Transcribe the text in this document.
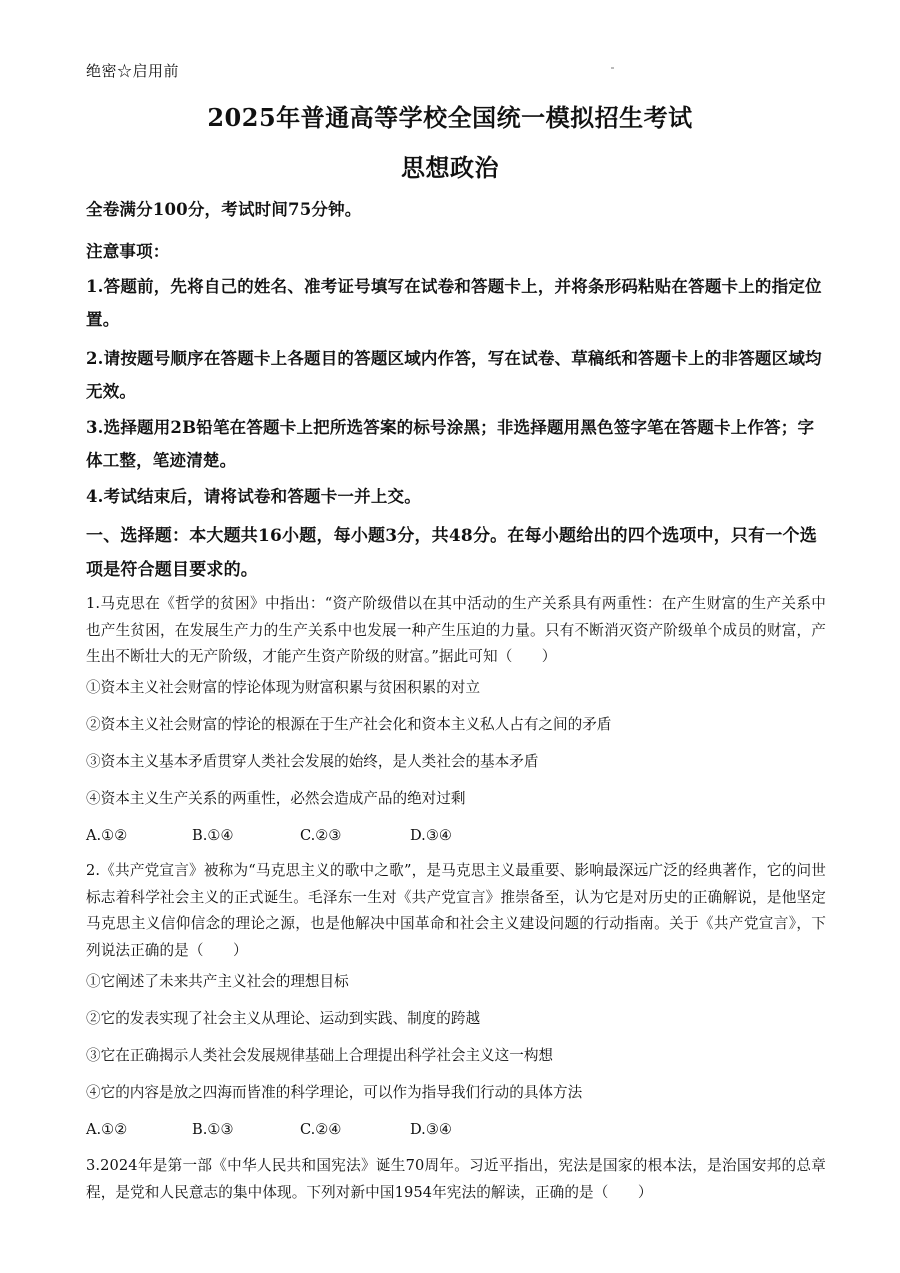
绝密☆启用前
2025年普通高等学校全国统一模拟招生考试
思想政治
全卷满分100分，考试时间75分钟。
注意事项：
1.答题前，先将自己的姓名、准考证号填写在试卷和答题卡上，并将条形码粘贴在答题卡上的指定位置。
2.请按题号顺序在答题卡上各题目的答题区域内作答，写在试卷、草稿纸和答题卡上的非答题区域均无效。
3.选择题用2B铅笔在答题卡上把所选答案的标号涂黑；非选择题用黑色签字笔在答题卡上作答；字体工整，笔迹清楚。
4.考试结束后，请将试卷和答题卡一并上交。
一、选择题：本大题共16小题，每小题3分，共48分。在每小题给出的四个选项中，只有一个选项是符合题目要求的。
1.马克思在《哲学的贫困》中指出：“资产阶级借以在其中活动的生产关系具有两重性：在产生财富的生产关系中也产生贫困，在发展生产力的生产关系中也发展一种产生压迫的力量。只有不断消灭资产阶级单个成员的财富，产生出不断壮大的无产阶级，才能产生资产阶级的财富。”据此可知（　　）
①资本主义社会财富的悖论体现为财富积累与贫困积累的对立
②资本主义社会财富的悖论的根源在于生产社会化和资本主义私人占有之间的矛盾
③资本主义基本矛盾贯穿人类社会发展的始终，是人类社会的基本矛盾
④资本主义生产关系的两重性，必然会造成产品的绝对过剩
A.①②	B.①④	C.②③	D.③④
2.《共产党宣言》被称为“马克思主义的歌中之歌”，是马克思主义最重要、影响最深远广泛的经典著作，它的问世标志着科学社会主义的正式诞生。毛泽东一生对《共产党宣言》推崇备至，认为它是对历史的正确解说，是他坚定马克思主义信仰信念的理论之源，也是他解决中国革命和社会主义建设问题的行动指南。关于《共产党宣言》，下列说法正确的是（　　）
①它阐述了未来共产主义社会的理想目标
②它的发表实现了社会主义从理论、运动到实践、制度的跨越
③它在正确揭示人类社会发展规律基础上合理提出科学社会主义这一构想
④它的内容是放之四海而皆准的科学理论，可以作为指导我们行动的具体方法
A.①②	B.①③	C.②④	D.③④
3.2024年是第一部《中华人民共和国宪法》诞生70周年。习近平指出，宪法是国家的根本法，是治国安邦的总章程，是党和人民意志的集中体现。下列对新中国1954年宪法的解读，正确的是（　　）
